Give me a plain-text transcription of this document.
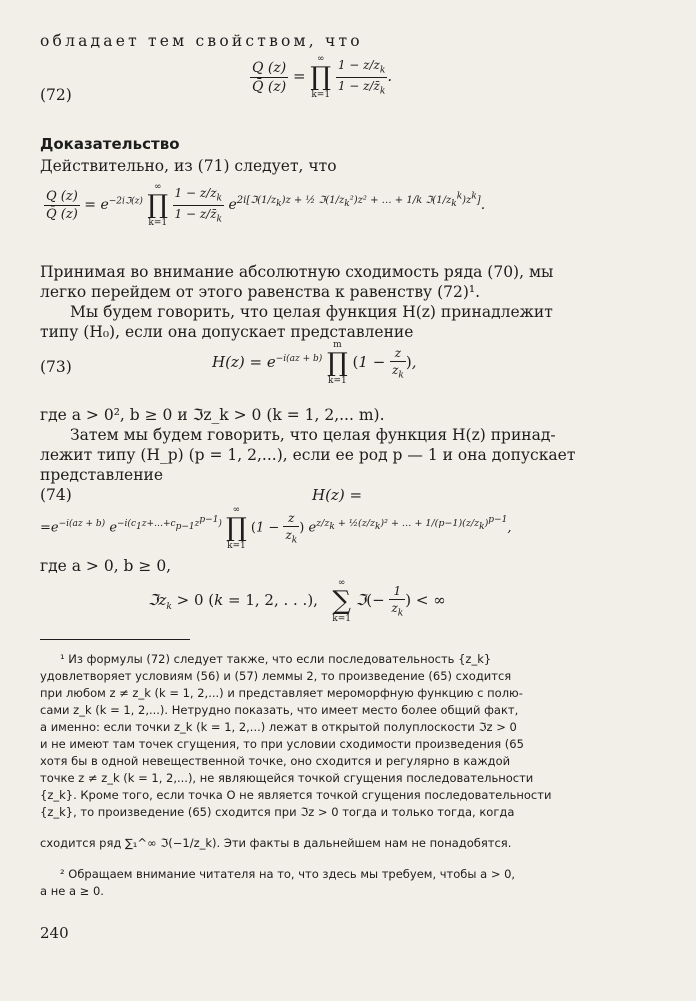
обладает тем свойством, что
(72)
$\frac{Q (z)}{Q̄ (z)}$ =
∞
∏
k=1
$\frac{1 - z/z_k}{1 - z/z̄_k}$ .
Доказательство
Действительно, из (71) следует, что
$\frac{Q (z)}{Q̄ (z)} = e^{-2iℑ(z)}$
∞
∏
k=1
$\frac{1 - z/z_k}{1 - z/z̄_k} e^{2i[ℑ(1/z_k)z + \frac{1}{2} ℑ(1/z_k^2)z^2 + \dots + 1/k ℑ(1/z_k^k)z^k]}$.
Принимая во внимание абсолютную сходимость ряда (70), мы
легко перейдем от этого равенства к равенству (72)¹.
Мы будем говорить, что целая функция H(z) принадлежит
типу (H₀), если она допускает представление
(73)	$H(z) = e^{-i(az + b)}$
m
∏
k=1
($1 - \frac{z}{z_k}$ ),
где a > 0², b ≥ 0 и ℑz_k > 0 (k = 1, 2,... m).
Затем мы будем говорить, что целая функция H(z) принад-
лежит типу (H_p) (p = 1, 2,...), если ее род p — 1 и она допускает
представление
(74)	H(z) =
$=e^{-i(az + b)}$ $e^{-i(c_1z+\dots+c_{p-1}z^{p-1})}$
∞
∏
k=1
($1 - \frac{z}{z_k}$ ) $e^{z/z_k + \frac{1}{2}(z/z_k)^2 + \dots + 1/(p-1)(z/z_k)^{p-1}}$,
где a > 0, b ≥ 0,
ℑz$_k$ > 0 (k = 1, 2, . . .),
∞
∑
k=1
ℑ(− $\frac{1}{z_k}$ ) < ∞
¹ Из формулы (72) следует также, что если последовательность {z_k}
удовлетворяет условиям (56) и (57) леммы 2, то произведение (65) сходится
при любом z ≠ z_k (k = 1, 2,...) и представляет мероморфную функцию с полю-
сами z_k (k = 1, 2,...). Нетрудно показать, что имеет место более общий факт,
а именно: если точки z_k (k = 1, 2,...) лежат в открытой полуплоскости ℑz > 0
и не имеют там точек сгущения, то при условии сходимости произведения (65
хотя бы в одной невещественной точке, оно сходится и регулярно в каждой
точке z ≠ z_k (k = 1, 2,...), не являющейся точкой сгущения последовательности
{z_k}. Кроме того, если точка O не является точкой сгущения последовательности
{z_k}, то произведение (65) сходится при ℑz > 0 тогда и только тогда, когда
сходится ряд ∑₁^∞ ℑ(−1/z_k). Эти факты в дальнейшем нам не понадобятся.
² Обращаем внимание читателя на то, что здесь мы требуем, чтобы a > 0,
а не a ≥ 0.
240
